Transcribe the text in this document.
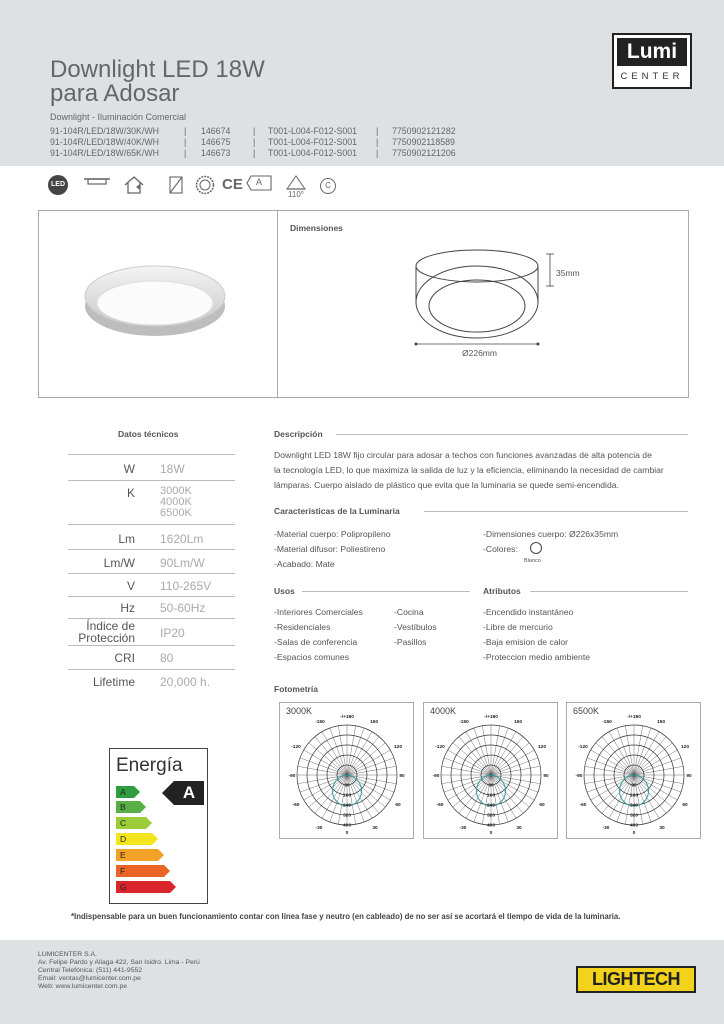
Downlight LED 18W
para Adosar
Downlight - Iluminación Comercial
91-104R/LED/18W/30K/WH	| 146674	| T001-L004-F012-S001 | 7750902121282
91-104R/LED/18W/40K/WH	| 146675	| T001-L004-F012-S001 | 7750902118589
91-104R/LED/18W/65K/WH	| 146673	| T001-L004-F012-S001 | 7750902121206
Lumi
CENTER
LED	CE A
110°
C
Dimensiones
35mm
Ø226mm
Datos técnicos
W 18W
K 3000K
4000K
6500K
Lm 1620Lm
Lm/W 90Lm/W
V 110-265V
Hz 50-60Hz
Índice de
Protección IP20
CRI 80
Lifetime 20,000 h.
Descripción
Downlight LED 18W fijo circular para adosar a techos con funciones avanzadas de alta potencia de
la tecnología LED, lo que maximiza la salida de luz y la eficiencia, eliminando la necesidad de cambiar
lámparas. Cuerpo aislado de plástico que evita que la luminaria se quede semi-encendida.
Características de la Luminaria
-Material cuerpo: Polipropileno
-Material difusor: Poliestireno
-Acabado: Mate
-Dimensiones cuerpo: Ø226x35mm
-Colores:
Blanco
Usos
-Interiores Comerciales
-Residenciales
-Salas de conferencia
-Espacios comunes
-Cocina
-Vestíbulos
-Pasillos
Atributos
-Encendido instantáneo
-Libre de mercurio
-Baja emision de calor
-Proteccion medio ambiente
Fotometría
3000K
-/+180
-150	150
-120	120
-90	90
-60	60
-30	30
0
80
160
240
320
400
4000K
-/+180
-150	150
-120	120
-90	90
-60	60
-30	30
0
80
160
240
320
400
6500K
-/+180
-150	150
-120	120
-90	90
-60	60
-30	30
0
80
160
240
320
400
Energía
A
A
B
C
D
E
F
G
*Indispensable para un buen funcionamiento contar con línea fase y neutro (en cableado) de no ser así se acortará el tiempo de vida de la luminaria.
LUMICENTER S.A.
Av. Felipe Pardo y Aliaga 422, San Isidro. Lima - Perú
Central Telefónica: (511) 441-9552
Email: ventas@lumicenter.com.pe
Web: www.lumicenter.com.pe	LIGHTECH
